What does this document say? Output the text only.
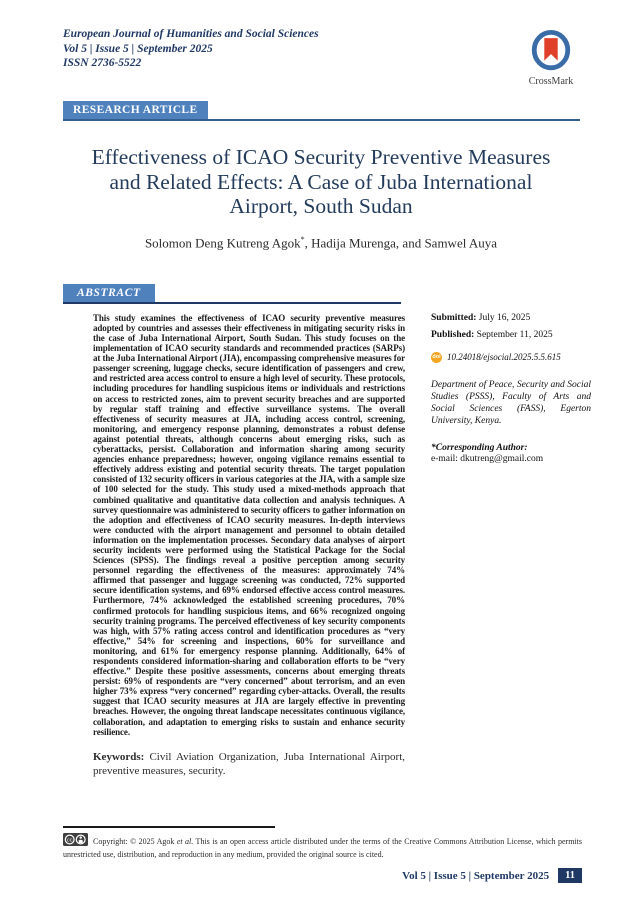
European Journal of Humanities and Social Sciences
Vol 5 | Issue 5 | September 2025
ISSN 2736-5522
CrossMark
RESEARCH ARTICLE
Effectiveness of ICAO Security Preventive Measures and Related Effects: A Case of Juba International Airport, South Sudan
Solomon Deng Kutreng Agok*, Hadija Murenga, and Samwel Auya
ABSTRACT
This study examines the effectiveness of ICAO security preventive measures adopted by countries and assesses their effectiveness in mitigating security risks in the case of Juba International Airport, South Sudan. This study focuses on the implementation of ICAO security standards and recommended practices (SARPs) at the Juba International Airport (JIA), encompassing comprehensive measures for passenger screening, luggage checks, secure identification of passengers and crew, and restricted area access control to ensure a high level of security. These protocols, including procedures for handling suspicious items or individuals and restrictions on access to restricted zones, aim to prevent security breaches and are supported by regular staff training and effective surveillance systems. The overall effectiveness of security measures at JIA, including access control, screening, monitoring, and emergency response planning, demonstrates a robust defense against potential threats, although concerns about emerging risks, such as cyberattacks, persist. Collaboration and information sharing among security agencies enhance preparedness; however, ongoing vigilance remains essential to effectively address existing and potential security threats. The target population consisted of 132 security officers in various categories at the JIA, with a sample size of 100 selected for the study. This study used a mixed-methods approach that combined qualitative and quantitative data collection and analysis techniques. A survey questionnaire was administered to security officers to gather information on the adoption and effectiveness of ICAO security measures. In-depth interviews were conducted with the airport management and personnel to obtain detailed information on the implementation processes. Secondary data analyses of airport security incidents were performed using the Statistical Package for the Social Sciences (SPSS). The findings reveal a positive perception among security personnel regarding the effectiveness of the measures: approximately 74% affirmed that passenger and luggage screening was conducted, 72% supported secure identification systems, and 69% endorsed effective access control measures. Furthermore, 74% acknowledged the established screening procedures, 70% confirmed protocols for handling suspicious items, and 66% recognized ongoing security training programs. The perceived effectiveness of key security components was high, with 57% rating access control and identification procedures as “very effective,” 54% for screening and inspections, 60% for surveillance and monitoring, and 61% for emergency response planning. Additionally, 64% of respondents considered information-sharing and collaboration efforts to be “very effective.” Despite these positive assessments, concerns about emerging threats persist: 69% of respondents are “very concerned” about terrorism, and an even higher 73% express “very concerned” regarding cyber-attacks. Overall, the results suggest that ICAO security measures at JIA are largely effective in preventing breaches. However, the ongoing threat landscape necessitates continuous vigilance, collaboration, and adaptation to emerging risks to sustain and enhance security resilience.
Keywords: Civil Aviation Organization, Juba International Airport, preventive measures, security.
Submitted: July 16, 2025
Published: September 11, 2025
doi 10.24018/ejsocial.2025.5.5.615
Department of Peace, Security and Social Studies (PSSS), Faculty of Arts and Social Sciences (FASS), Egerton University, Kenya.
*Corresponding Author:
e-mail: dkutreng@gmail.com
cc	Copyright: © 2025 Agok et al. This is an open access article distributed under the terms of the Creative Commons Attribution License, which permits unrestricted use, distribution, and reproduction in any medium, provided the original source is cited.
Vol 5 | Issue 5 | September 2025	11
